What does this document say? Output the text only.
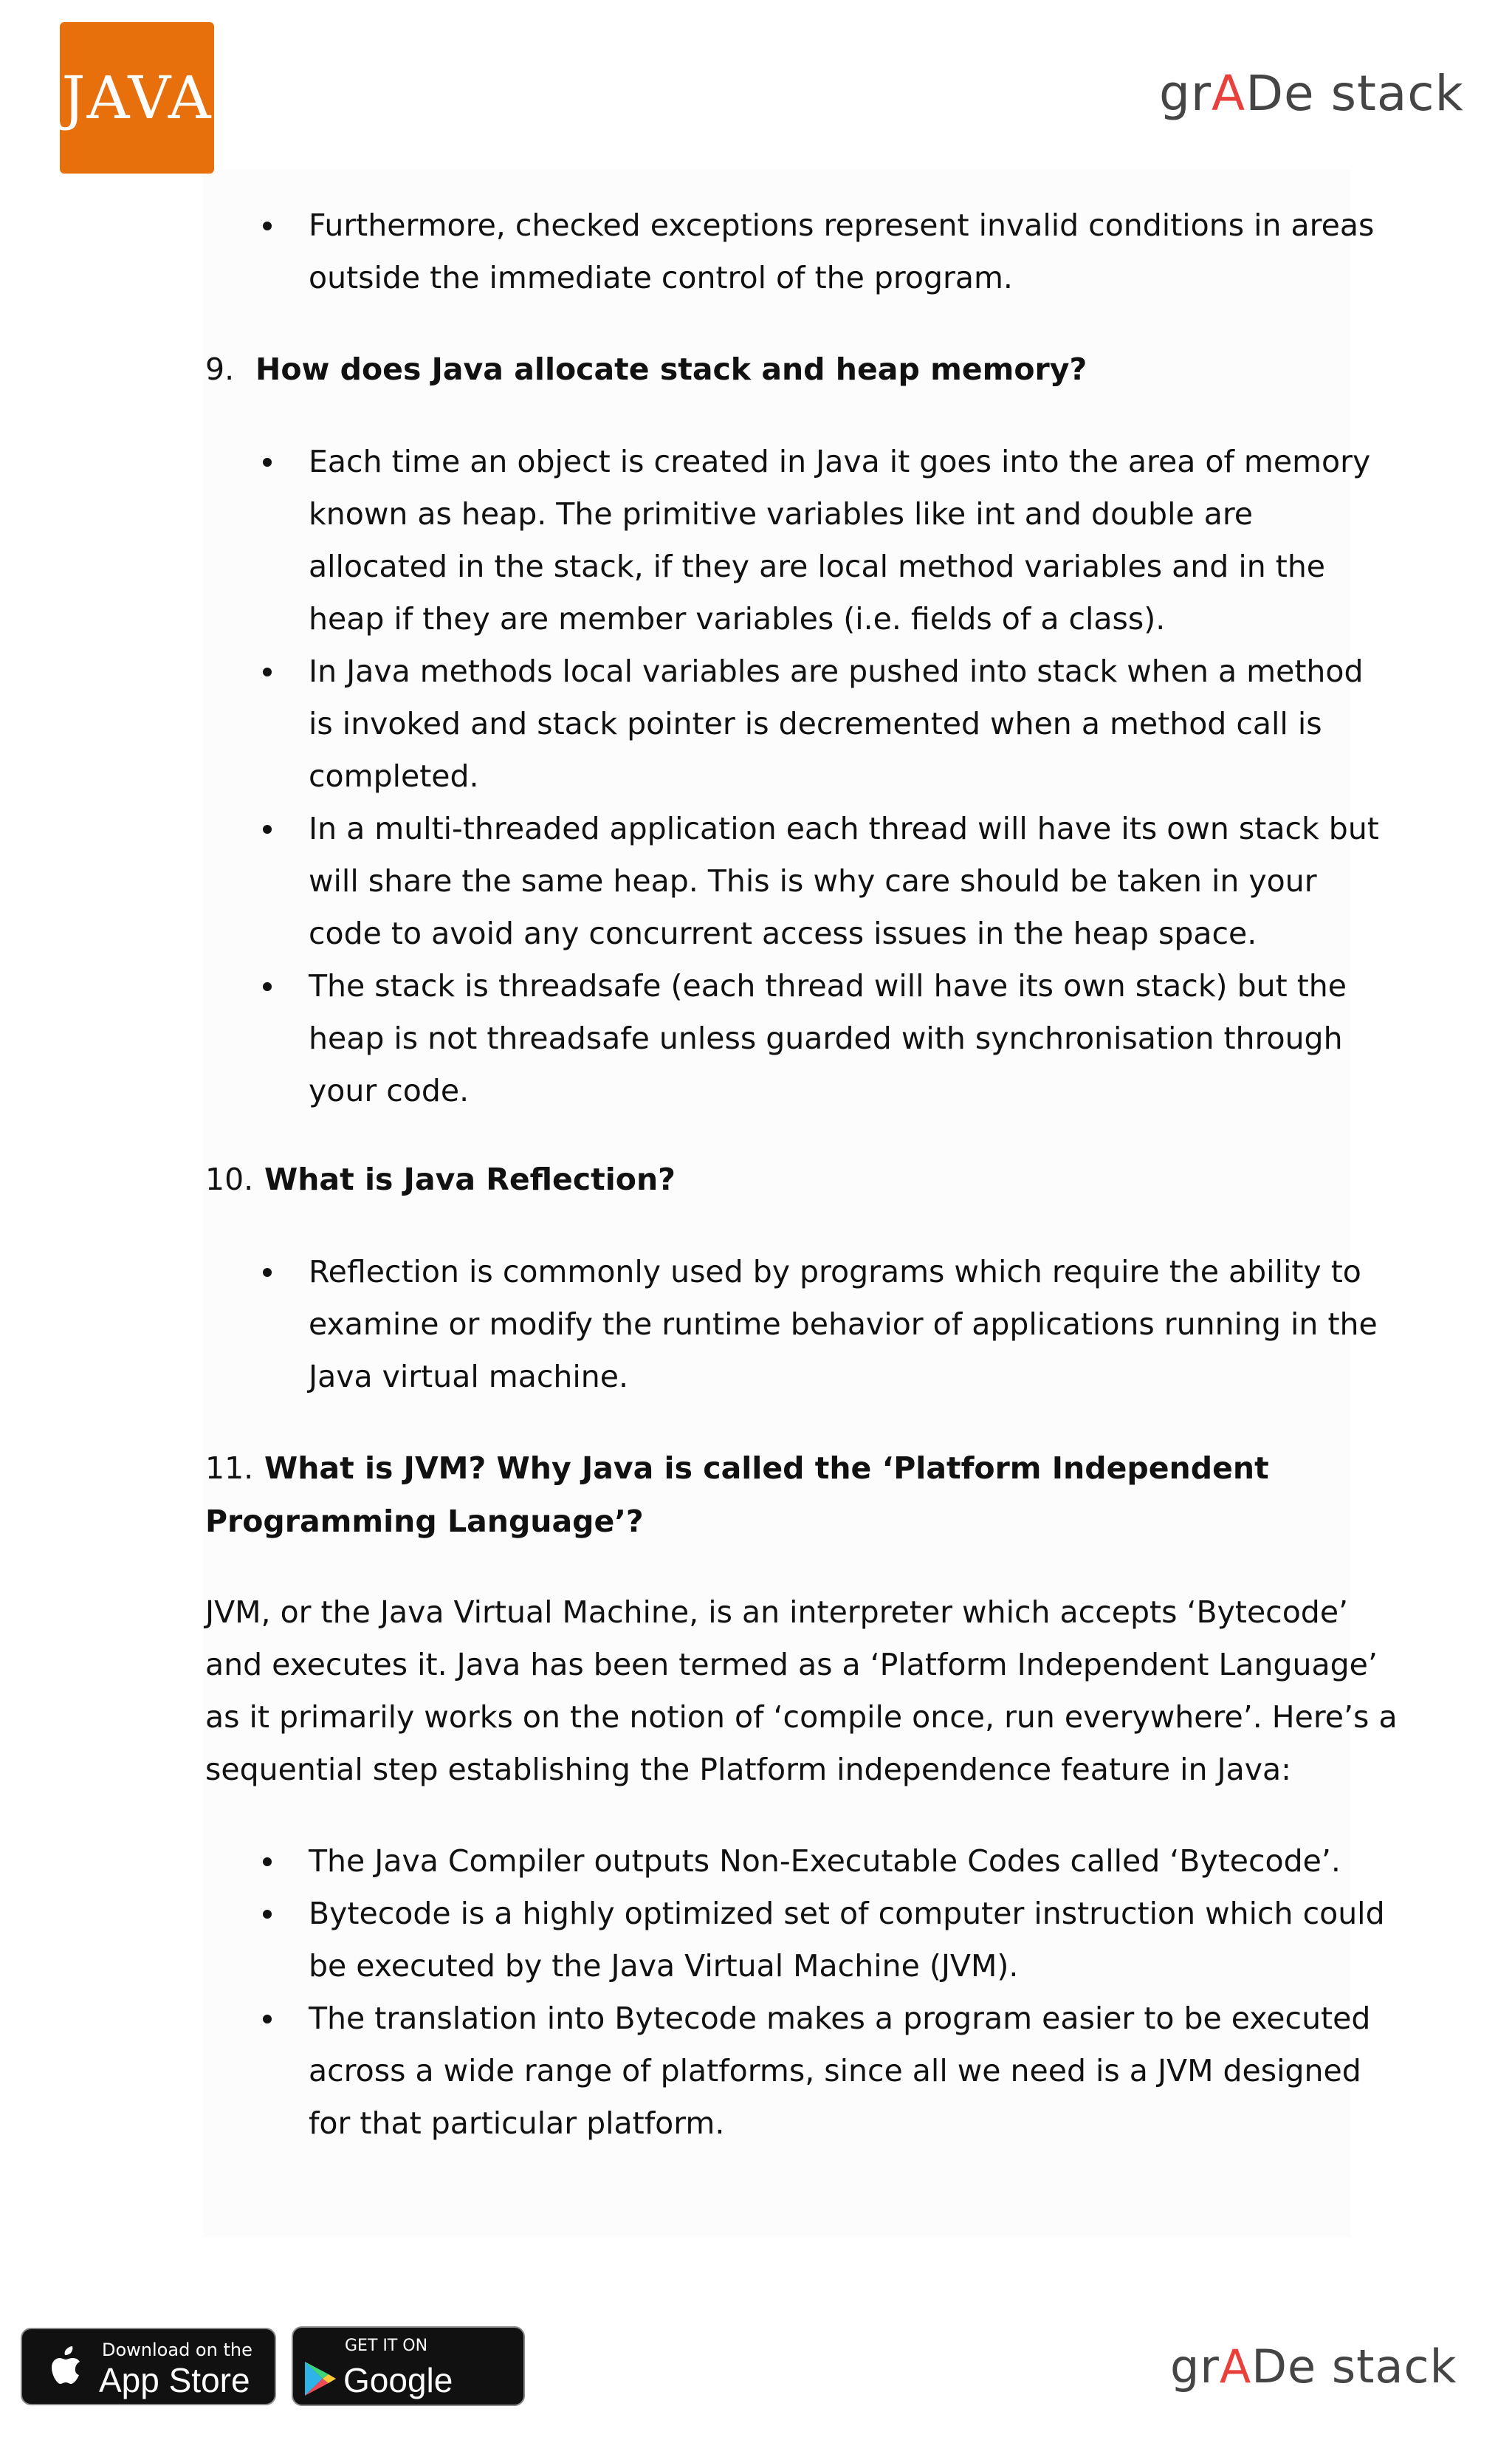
JAVA	grADe stack
Furthermore, checked exceptions represent invalid conditions in areas
outside the immediate control of the program.
9. How does Java allocate stack and heap memory?
Each time an object is created in Java it goes into the area of memory
known as heap. The primitive variables like int and double are
allocated in the stack, if they are local method variables and in the
heap if they are member variables (i.e. fields of a class).
In Java methods local variables are pushed into stack when a method
is invoked and stack pointer is decremented when a method call is
completed.
In a multi-threaded application each thread will have its own stack but
will share the same heap. This is why care should be taken in your
code to avoid any concurrent access issues in the heap space.
The stack is threadsafe (each thread will have its own stack) but the
heap is not threadsafe unless guarded with synchronisation through
your code.
10. What is Java Reflection?
Reflection is commonly used by programs which require the ability to
examine or modify the runtime behavior of applications running in the
Java virtual machine.
11. What is JVM? Why Java is called the ‘Platform Independent
Programming Language’?
JVM, or the Java Virtual Machine, is an interpreter which accepts ‘Bytecode’
and executes it. Java has been termed as a ‘Platform Independent Language’
as it primarily works on the notion of ‘compile once, run everywhere’. Here’s a
sequential step establishing the Platform independence feature in Java:
The Java Compiler outputs Non-Executable Codes called ‘Bytecode’.
Bytecode is a highly optimized set of computer instruction which could
be executed by the Java Virtual Machine (JVM).
The translation into Bytecode makes a program easier to be executed
across a wide range of platforms, since all we need is a JVM designed
for that particular platform.
Download on the
App Store
GET IT ON
Google play
grADe stack
